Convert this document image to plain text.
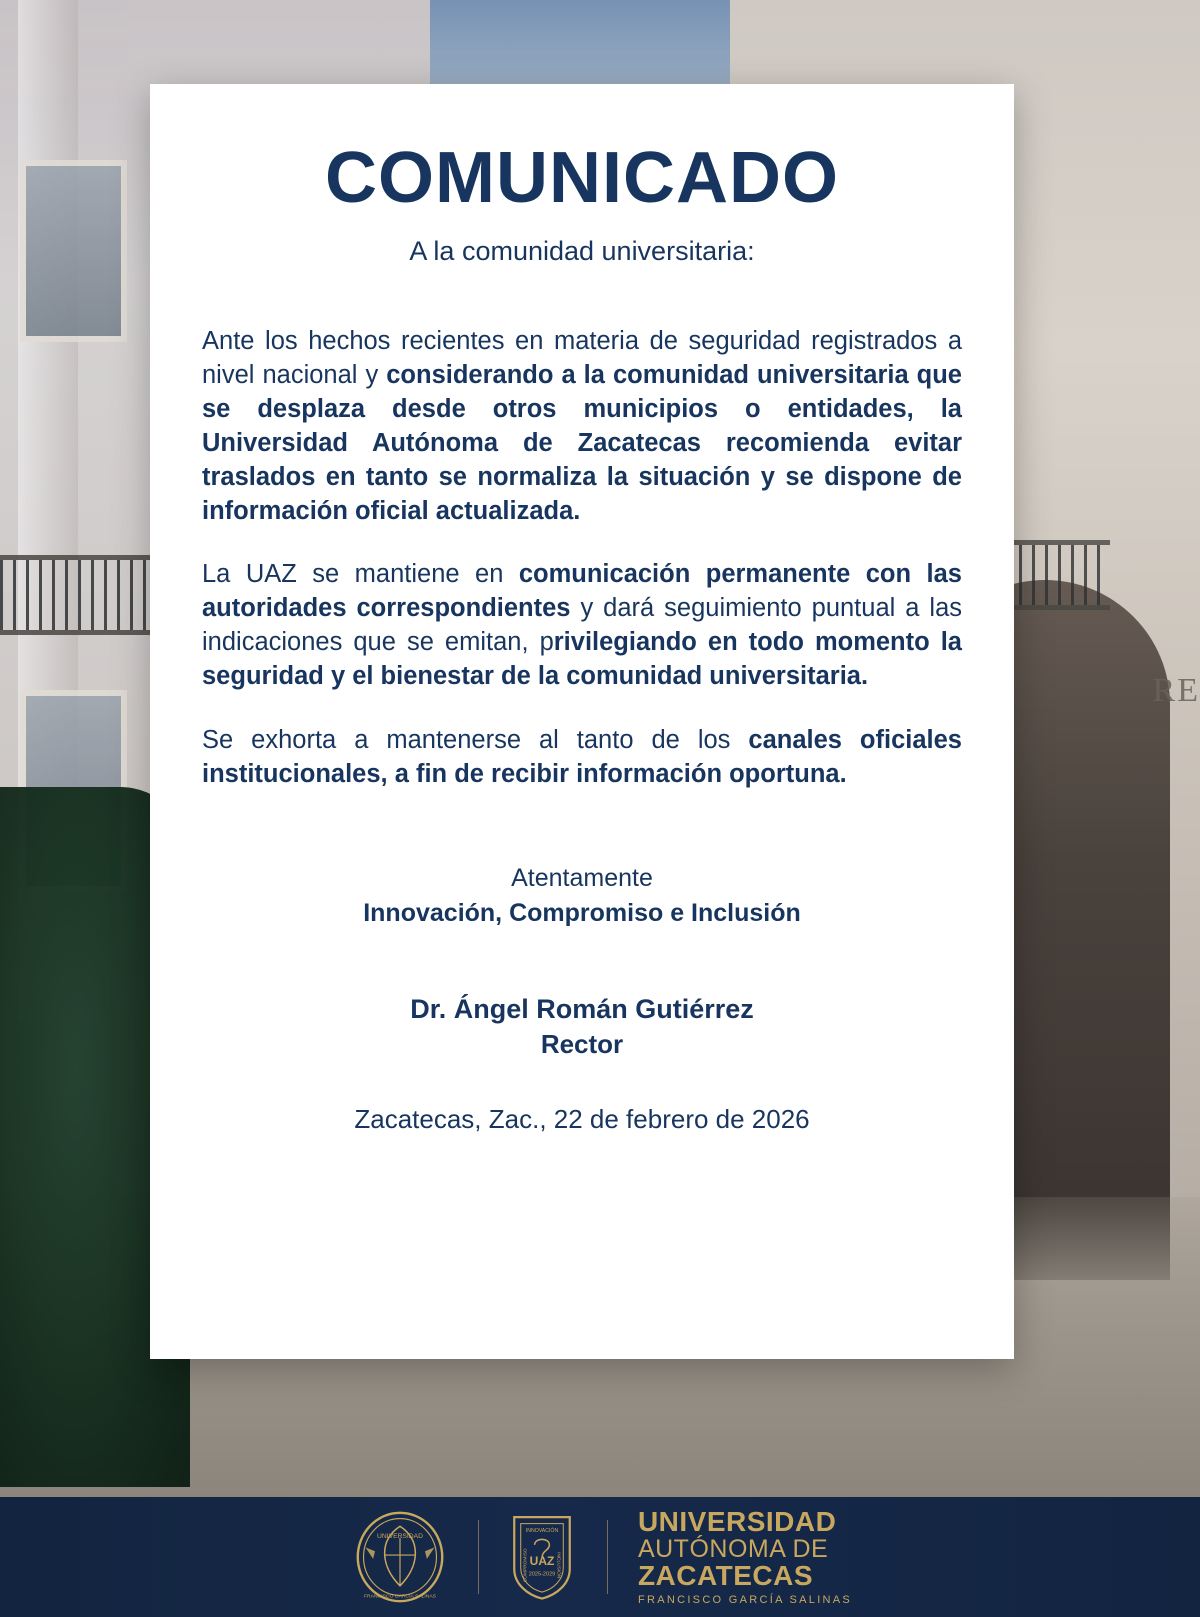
RE
COMUNICADO
A la comunidad universitaria:

Ante los hechos recientes en materia de seguridad registrados a nivel nacional y considerando a la comunidad universitaria que se desplaza desde otros municipios o entidades, la Universidad Autónoma de Zacatecas recomienda evitar traslados en tanto se normaliza la situación y se dispone de información oficial actualizada.

La UAZ se mantiene en comunicación permanente con las autoridades correspondientes y dará seguimiento puntual a las indicaciones que se emitan, privilegiando en todo momento la seguridad y el bienestar de la comunidad universitaria.

Se exhorta a mantenerse al tanto de los canales oficiales institucionales, a fin de recibir información oportuna.

Atentamente
Innovación, Compromiso e Inclusión
Dr. Ángel Román Gutiérrez
Rector
Zacatecas, Zac., 22 de febrero de 2026
UNIVERSIDAD
FRANCISCO GARCÍA SALINAS
UAZ
2025-2029
INNOVACIÓN
COMPROMISO	INCLUSIÓN
UNIVERSIDAD
AUTÓNOMA DE
ZACATECAS
FRANCISCO GARCÍA SALINAS
